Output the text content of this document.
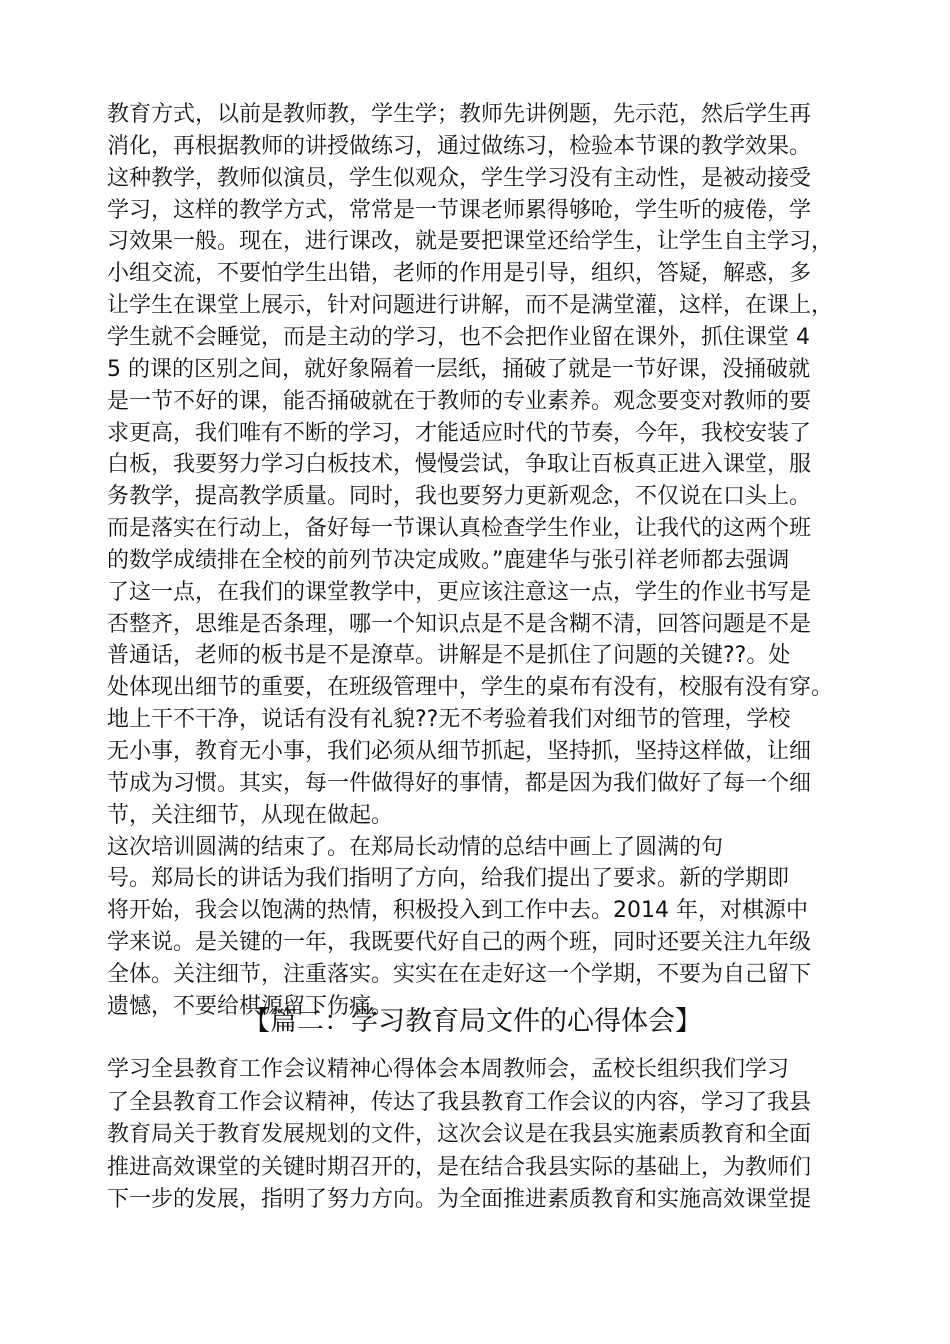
教育方式，以前是教师教，学生学；教师先讲例题，先示范，然后学生再
消化，再根据教师的讲授做练习，通过做练习，检验本节课的教学效果。
这种教学，教师似演员，学生似观众，学生学习没有主动性，是被动接受
学习，这样的教学方式，常常是一节课老师累得够呛，学生听的疲倦，学
习效果一般。现在，进行课改，就是要把课堂还给学生，让学生自主学习，
小组交流，不要怕学生出错，老师的作用是引导，组织，答疑，解惑，多
让学生在课堂上展示，针对问题进行讲解，而不是满堂灌，这样，在课上，
学生就不会睡觉，而是主动的学习，也不会把作业留在课外，抓住课堂 4
5 的课的区别之间，就好象隔着一层纸，捅破了就是一节好课，没捅破就
是一节不好的课，能否捅破就在于教师的专业素养。观念要变对教师的要
求更高，我们唯有不断的学习，才能适应时代的节奏，今年，我校安装了
白板，我要努力学习白板技术，慢慢尝试，争取让百板真正进入课堂，服
务教学，提高教学质量。同时，我也要努力更新观念，不仅说在口头上。
而是落实在行动上，备好每一节课认真检查学生作业，让我代的这两个班
的数学成绩排在全校的前列节决定成败。”鹿建华与张引祥老师都去强调
了这一点，在我们的课堂教学中，更应该注意这一点，学生的作业书写是
否整齐，思维是否条理，哪一个知识点是不是含糊不清，回答问题是不是
普通话，老师的板书是不是潦草。讲解是不是抓住了问题的关键??。处
处体现出细节的重要，在班级管理中，学生的桌布有没有，校服有没有穿。
地上干不干净，说话有没有礼貌??无不考验着我们对细节的管理，学校
无小事，教育无小事，我们必须从细节抓起，坚持抓，坚持这样做，让细
节成为习惯。其实，每一件做得好的事情，都是因为我们做好了每一个细
节，关注细节，从现在做起。
这次培训圆满的结束了。在郑局长动情的总结中画上了圆满的句
号。郑局长的讲话为我们指明了方向，给我们提出了要求。新的学期即
将开始，我会以饱满的热情，积极投入到工作中去。2014 年，对棋源中
学来说。是关键的一年，我既要代好自己的两个班，同时还要关注九年级
全体。关注细节，注重落实。实实在在走好这一个学期，不要为自己留下
遗憾，不要给棋源留下伤痛。
【篇二：学习教育局文件的心得体会】
学习全县教育工作会议精神心得体会本周教师会，孟校长组织我们学习
了全县教育工作会议精神，传达了我县教育工作会议的内容，学习了我县
教育局关于教育发展规划的文件，这次会议是在我县实施素质教育和全面
推进高效课堂的关键时期召开的，是在结合我县实际的基础上，为教师们
下一步的发展，指明了努力方向。为全面推进素质教育和实施高效课堂提
